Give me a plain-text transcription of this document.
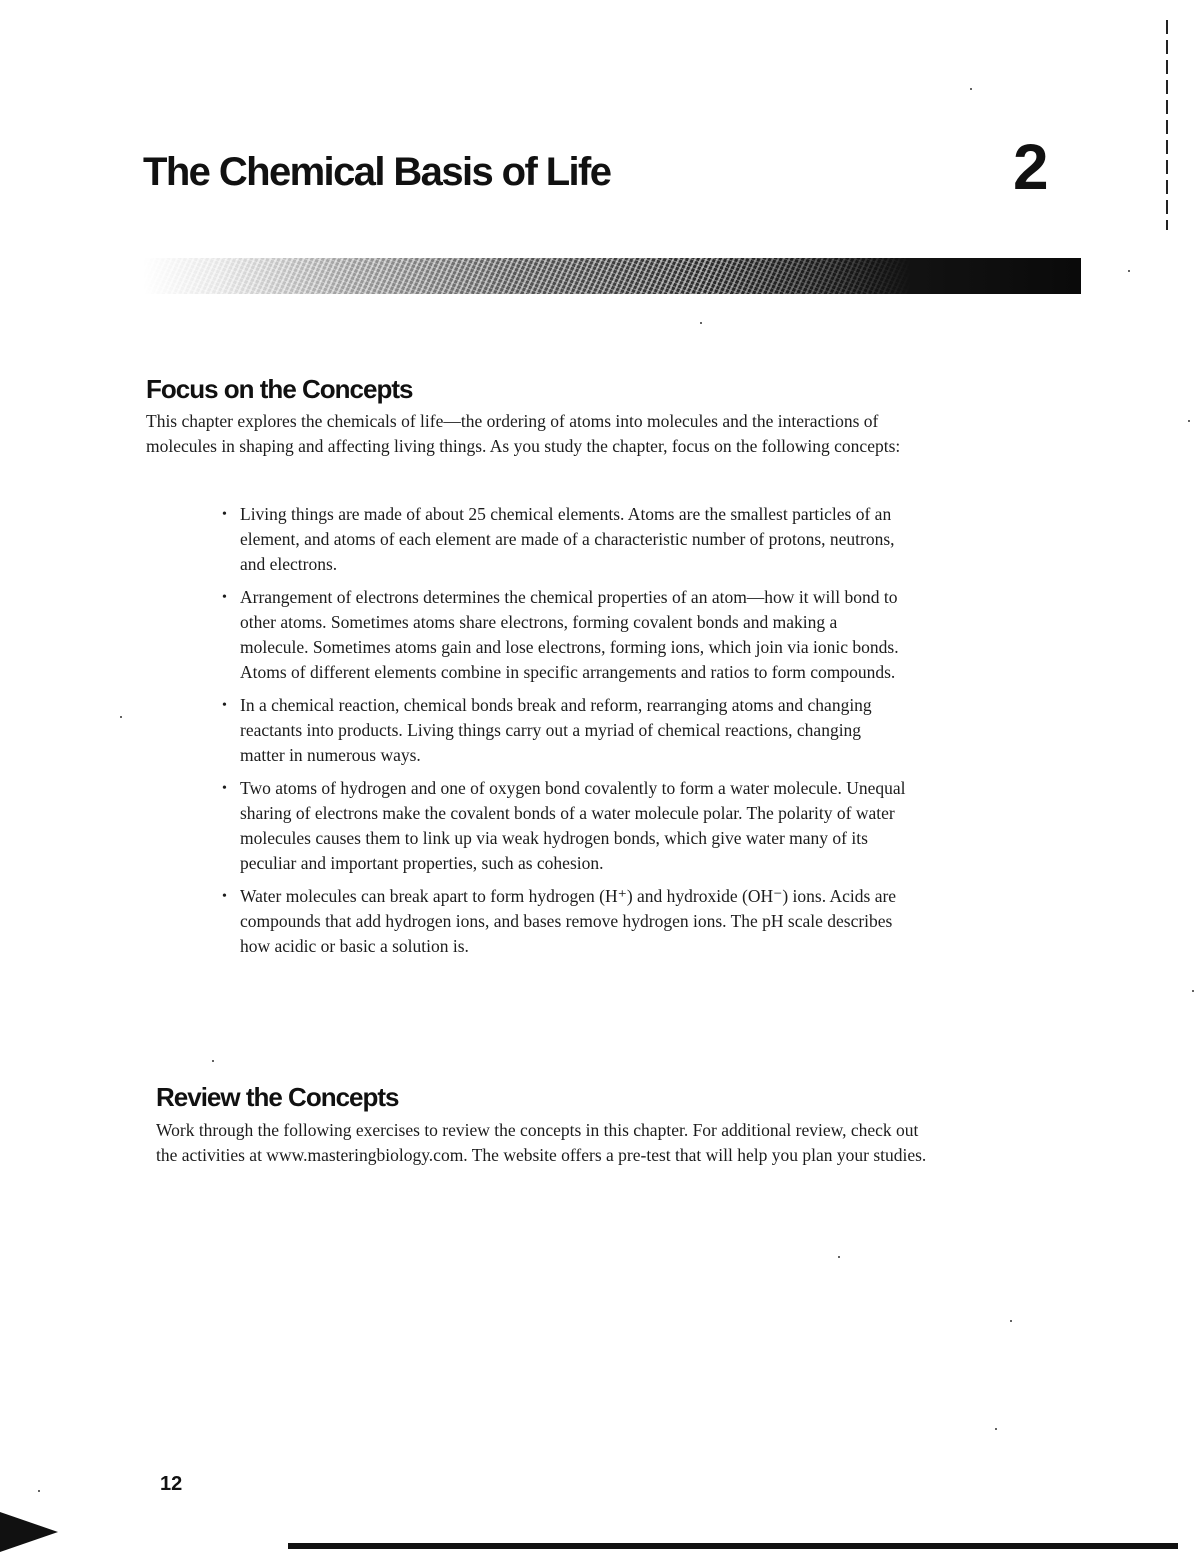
The Chemical Basis of Life	2
Focus on the Concepts

This chapter explores the chemicals of life—the ordering of atoms into molecules and the interactions of molecules in shaping and affecting living things. As you study the chapter, focus on the following concepts:

• Living things are made of about 25 chemical elements. Atoms are the smallest particles of an element, and atoms of each element are made of a characteristic number of protons, neutrons, and electrons.
• Arrangement of electrons determines the chemical properties of an atom—how it will bond to other atoms. Sometimes atoms share electrons, forming covalent bonds and making a molecule. Sometimes atoms gain and lose electrons, forming ions, which join via ionic bonds. Atoms of different elements combine in specific arrangements and ratios to form compounds.
• In a chemical reaction, chemical bonds break and reform, rearranging atoms and changing reactants into products. Living things carry out a myriad of chemical reactions, changing matter in numerous ways.
• Two atoms of hydrogen and one of oxygen bond covalently to form a water molecule. Unequal sharing of electrons make the covalent bonds of a water molecule polar. The polarity of water molecules causes them to link up via weak hydrogen bonds, which give water many of its peculiar and important properties, such as cohesion.
• Water molecules can break apart to form hydrogen (H⁺) and hydroxide (OH⁻) ions. Acids are compounds that add hydrogen ions, and bases remove hydrogen ions. The pH scale describes how acidic or basic a solution is.
Review the Concepts

Work through the following exercises to review the concepts in this chapter. For additional review, check out the activities at www.masteringbiology.com. The website offers a pre-test that will help you plan your studies.

12
